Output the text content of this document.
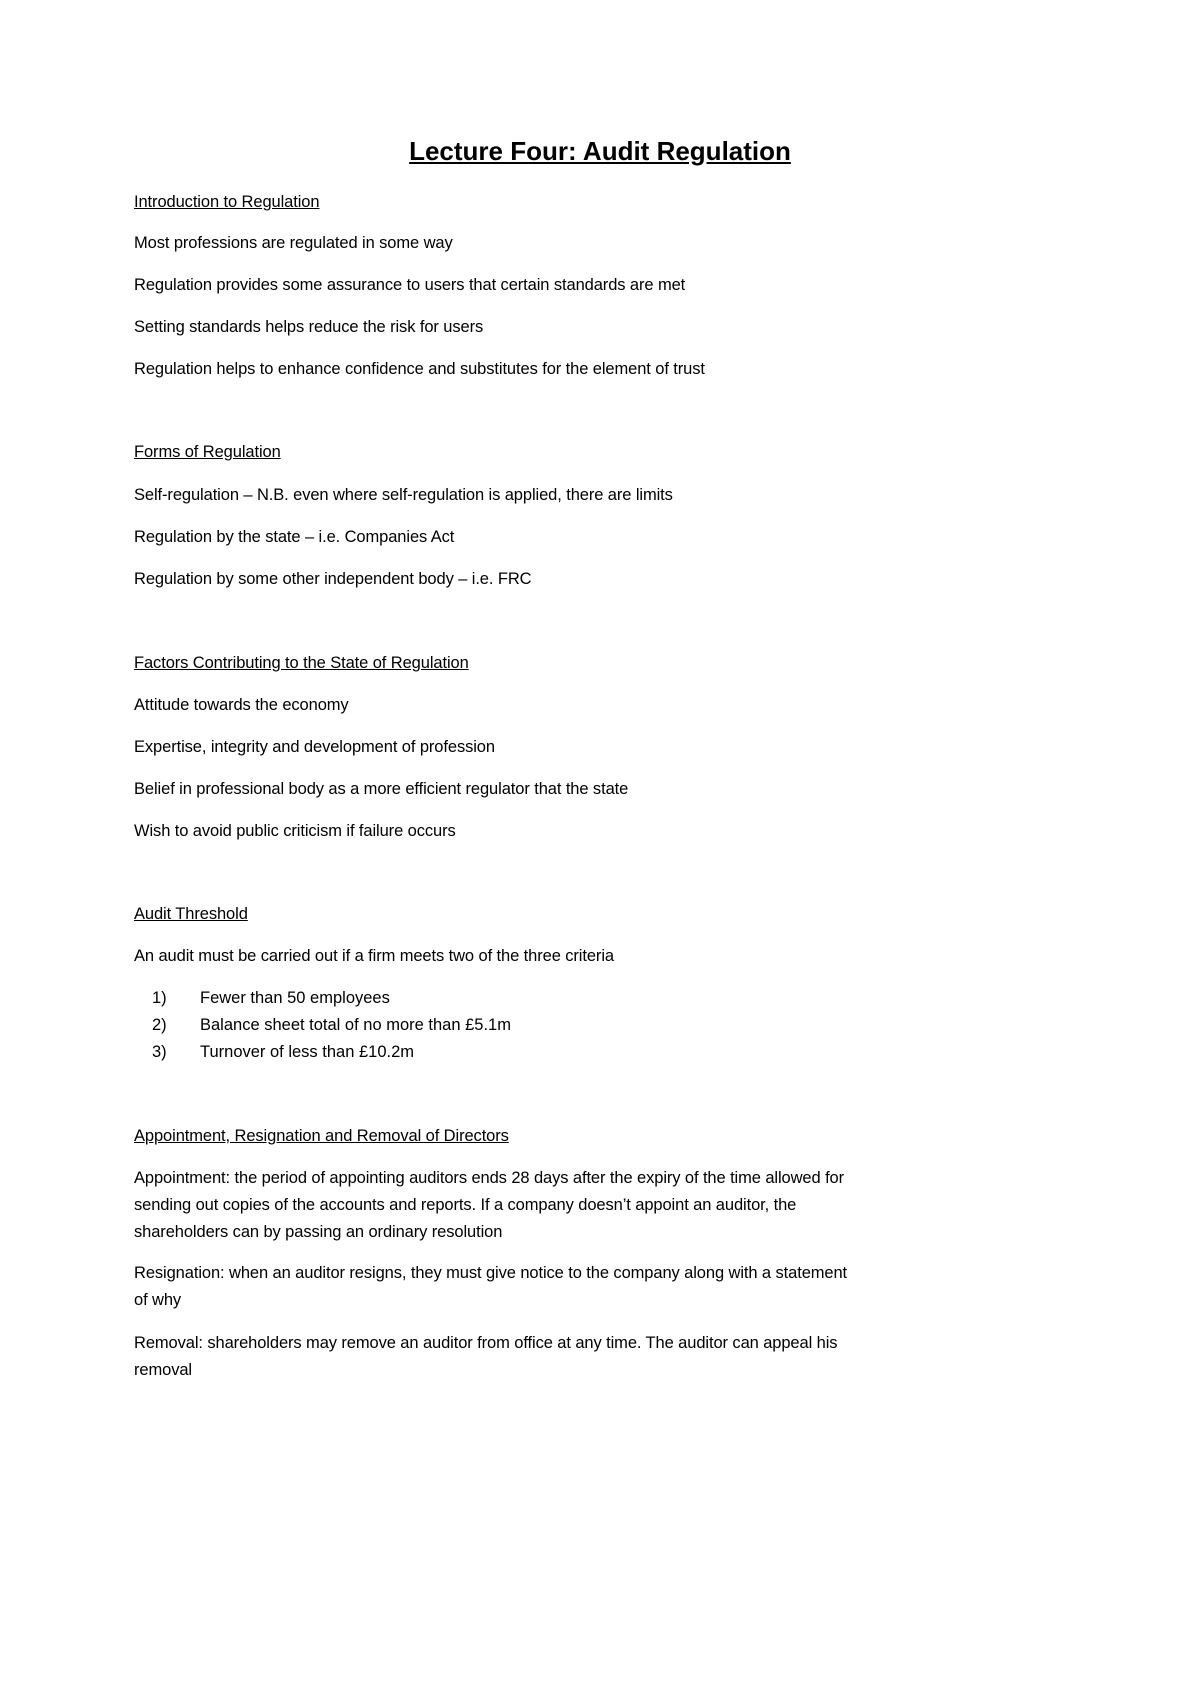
Lecture Four: Audit Regulation
Introduction to Regulation
Most professions are regulated in some way
Regulation provides some assurance to users that certain standards are met
Setting standards helps reduce the risk for users
Regulation helps to enhance confidence and substitutes for the element of trust
Forms of Regulation
Self-regulation – N.B. even where self-regulation is applied, there are limits
Regulation by the state – i.e. Companies Act
Regulation by some other independent body – i.e. FRC
Factors Contributing to the State of Regulation
Attitude towards the economy
Expertise, integrity and development of profession
Belief in professional body as a more efficient regulator that the state
Wish to avoid public criticism if failure occurs
Audit Threshold
An audit must be carried out if a firm meets two of the three criteria
1) Fewer than 50 employees
2) Balance sheet total of no more than £5.1m
3) Turnover of less than £10.2m
Appointment, Resignation and Removal of Directors
Appointment: the period of appointing auditors ends 28 days after the expiry of the time allowed for
sending out copies of the accounts and reports. If a company doesn’t appoint an auditor, the
shareholders can by passing an ordinary resolution
Resignation: when an auditor resigns, they must give notice to the company along with a statement
of why
Removal: shareholders may remove an auditor from office at any time. The auditor can appeal his
removal
